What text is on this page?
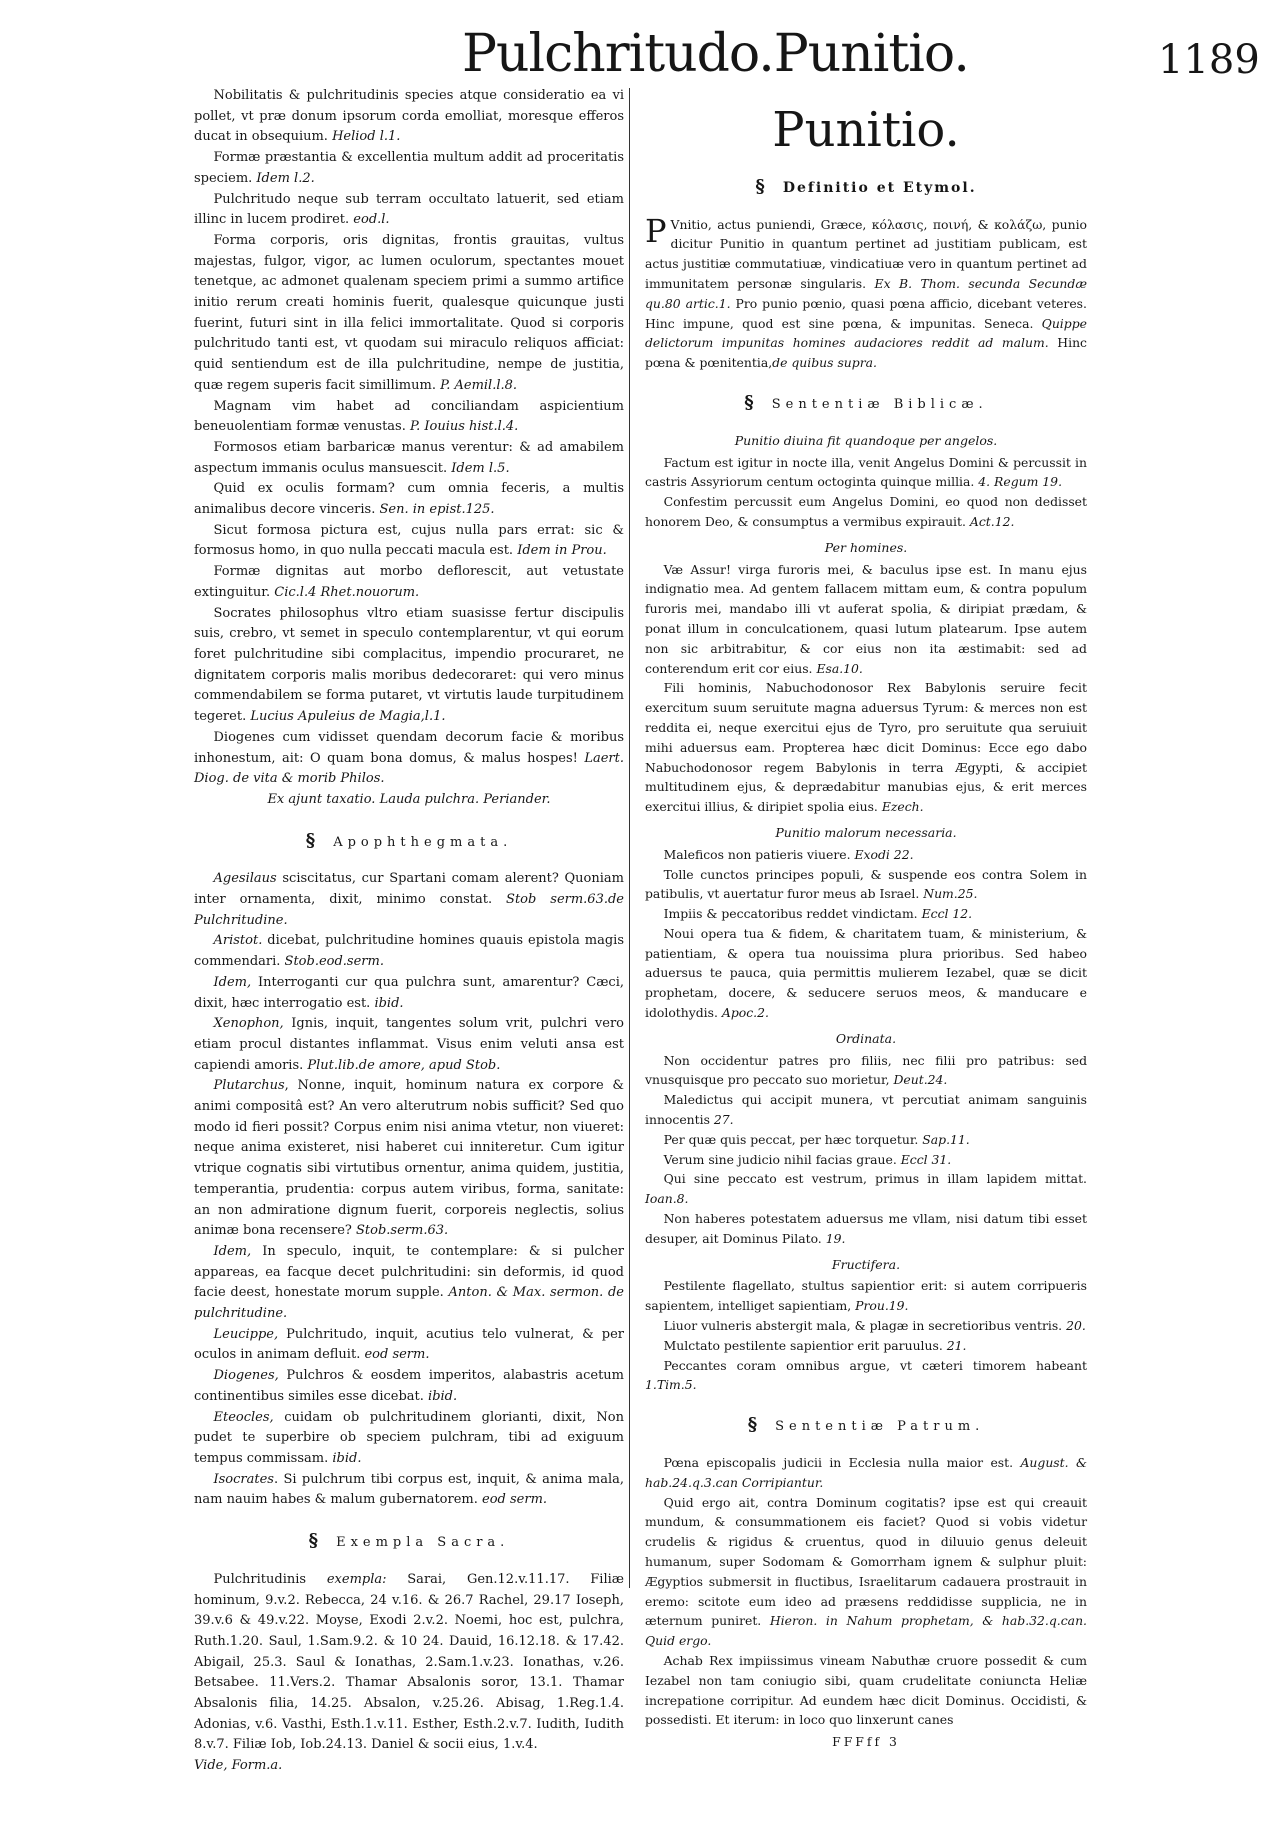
Pulchritudo.Punitio.	1189

Nobilitatis & pulchritudinis species atque consideratio ea vi pollet, vt præ donum ipsorum corda emolliat, moresque efferos ducat in obsequium. Heliod l.1.

Formæ præstantia & excellentia multum addit ad proceritatis speciem. Idem l.2.

Pulchritudo neque sub terram occultato latuerit, sed etiam illinc in lucem prodiret. eod.l.

Forma corporis, oris dignitas, frontis grauitas, vultus majestas, fulgor, vigor, ac lumen oculorum, spectantes mouet tenetque, ac admonet qualenam speciem primi a summo artifice initio rerum creati hominis fuerit, qualesque quicunque justi fuerint, futuri sint in illa felici immortalitate. Quod si corporis pulchritudo tanti est, vt quodam sui miraculo reliquos afficiat: quid sentiendum est de illa pulchritudine, nempe de justitia, quæ regem superis facit simillimum. P. Aemil.l.8.

Magnam vim habet ad conciliandam aspicientium beneuolentiam formæ venustas. P. Iouius hist.l.4.

Formosos etiam barbaricæ manus verentur: & ad amabilem aspectum immanis oculus mansuescit. Idem l.5.

Quid ex oculis formam? cum omnia feceris, a multis animalibus decore vinceris. Sen. in epist.125.

Sicut formosa pictura est, cujus nulla pars errat: sic & formosus homo, in quo nulla peccati macula est. Idem in Prou.

Formæ dignitas aut morbo deflorescit, aut vetustate extinguitur. Cic.l.4 Rhet.nouorum.

Socrates philosophus vltro etiam suasisse fertur discipulis suis, crebro, vt semet in speculo contemplarentur, vt qui eorum foret pulchritudine sibi complacitus, impendio procuraret, ne dignitatem corporis malis moribus dedecoraret: qui vero minus commendabilem se forma putaret, vt virtutis laude turpitudinem tegeret. Lucius Apuleius de Magia,l.1.

Diogenes cum vidisset quendam decorum facie & moribus inhonestum, ait: O quam bona domus, & malus hospes! Laert. Diog. de vita & morib Philos.

Ex ajunt taxatio. Lauda pulchra. Periander.

§ Apophthegmata.

Agesilaus sciscitatus, cur Spartani comam alerent? Quoniam inter ornamenta, dixit, minimo constat. Stob serm.63.de Pulchritudine.

Aristot. dicebat, pulchritudine homines quauis epistola magis commendari. Stob.eod.serm.

Idem, Interroganti cur qua pulchra sunt, amarentur? Cæci, dixit, hæc interrogatio est. ibid.

Xenophon, Ignis, inquit, tangentes solum vrit, pulchri vero etiam procul distantes inflammat. Visus enim veluti ansa est capiendi amoris. Plut.lib.de amore, apud Stob.

Plutarchus, Nonne, inquit, hominum natura ex corpore & animi compositâ est? An vero alterutrum nobis sufficit? Sed quo modo id fieri possit? Corpus enim nisi anima vtetur, non viueret: neque anima existeret, nisi haberet cui inniteretur. Cum igitur vtrique cognatis sibi virtutibus ornentur, anima quidem, justitia, temperantia, prudentia: corpus autem viribus, forma, sanitate: an non admiratione dignum fuerit, corporeis neglectis, solius animæ bona recensere? Stob.serm.63.

Idem, In speculo, inquit, te contemplare: & si pulcher appareas, ea facque decet pulchritudini: sin deformis, id quod facie deest, honestate morum supple. Anton. & Max. sermon. de pulchritudine.

Leucippe, Pulchritudo, inquit, acutius telo vulnerat, & per oculos in animam defluit. eod serm.

Diogenes, Pulchros & eosdem imperitos, alabastris acetum continentibus similes esse dicebat. ibid.

Eteocles, cuidam ob pulchritudinem glorianti, dixit, Non pudet te superbire ob speciem pulchram, tibi ad exiguum tempus commissam. ibid.

Isocrates. Si pulchrum tibi corpus est, inquit, & anima mala, nam nauim habes & malum gubernatorem. eod serm.

§ Exempla Sacra.

Pulchritudinis exempla: Sarai, Gen.12.v.11.17. Filiæ hominum, 9.v.2. Rebecca, 24 v.16. & 26.7 Rachel, 29.17 Ioseph, 39.v.6 & 49.v.22. Moyse, Exodi 2.v.2. Noemi, hoc est, pulchra, Ruth.1.20. Saul, 1.Sam.9.2. & 10 24. Dauid, 16.12.18. & 17.42. Abigail, 25.3. Saul & Ionathas, 2.Sam.1.v.23. Ionathas, v.26. Betsabee. 11.Vers.2. Thamar Absalonis soror, 13.1. Thamar Absalonis filia, 14.25. Absalon, v.25.26. Abisag, 1.Reg.1.4. Adonias, v.6. Vasthi, Esth.1.v.11. Esther, Esth.2.v.7. Iudith, Iudith 8.v.7. Filiæ Iob, Iob.24.13. Daniel & socii eius, 1.v.4.

Vide, Form.a.

Punitio.
§ Definitio et Etymol.

P Vnitio, actus puniendi, Græce, κόλασις, ποινή, & κολάζω, punio dicitur Punitio in quantum pertinet ad justitiam publicam, est actus justitiæ commutatiuæ, vindicatiuæ vero in quantum pertinet ad immunitatem personæ singularis. Ex B. Thom. secunda Secundæ qu.80 artic.1. Pro punio pœnio, quasi pœna afficio, dicebant veteres. Hinc impune, quod est sine pœna, & impunitas. Seneca. Quippe delictorum impunitas homines audaciores reddit ad malum. Hinc pœna & pœnitentia,de quibus supra.

§ Sententiæ Biblicæ.
Punitio diuina fit quandoque per angelos.

Factum est igitur in nocte illa, venit Angelus Domini & percussit in castris Assyriorum centum octoginta quinque millia. 4. Regum 19.

Confestim percussit eum Angelus Domini, eo quod non dedisset honorem Deo, & consumptus a vermibus expirauit. Act.12.

Per homines.

Væ Assur! virga furoris mei, & baculus ipse est. In manu ejus indignatio mea. Ad gentem fallacem mittam eum, & contra populum furoris mei, mandabo illi vt auferat spolia, & diripiat prædam, & ponat illum in conculcationem, quasi lutum platearum. Ipse autem non sic arbitrabitur, & cor eius non ita æstimabit: sed ad conterendum erit cor eius. Esa.10.

Fili hominis, Nabuchodonosor Rex Babylonis seruire fecit exercitum suum seruitute magna aduersus Tyrum: & merces non est reddita ei, neque exercitui ejus de Tyro, pro seruitute qua seruiuit mihi aduersus eam. Propterea hæc dicit Dominus: Ecce ego dabo Nabuchodonosor regem Babylonis in terra Ægypti, & accipiet multitudinem ejus, & deprædabitur manubias ejus, & erit merces exercitui illius, & diripiet spolia eius. Ezech.

Punitio malorum necessaria.

Maleficos non patieris viuere. Exodi 22.

Tolle cunctos principes populi, & suspende eos contra Solem in patibulis, vt auertatur furor meus ab Israel. Num.25.

Impiis & peccatoribus reddet vindictam. Eccl 12.

Noui opera tua & fidem, & charitatem tuam, & ministerium, & patientiam, & opera tua nouissima plura prioribus. Sed habeo aduersus te pauca, quia permittis mulierem Iezabel, quæ se dicit prophetam, docere, & seducere seruos meos, & manducare e idolothydis. Apoc.2.

Ordinata.

Non occidentur patres pro filiis, nec filii pro patribus: sed vnusquisque pro peccato suo morietur, Deut.24.

Maledictus qui accipit munera, vt percutiat animam sanguinis innocentis 27.

Per quæ quis peccat, per hæc torquetur. Sap.11.

Verum sine judicio nihil facias graue. Eccl 31.

Qui sine peccato est vestrum, primus in illam lapidem mittat. Ioan.8.

Non haberes potestatem aduersus me vllam, nisi datum tibi esset desuper, ait Dominus Pilato. 19.

Fructifera.

Pestilente flagellato, stultus sapientior erit: si autem corripueris sapientem, intelliget sapientiam, Prou.19.

Liuor vulneris abstergit mala, & plagæ in secretioribus ventris. 20.

Mulctato pestilente sapientior erit paruulus. 21.

Peccantes coram omnibus argue, vt cæteri timorem habeant 1.Tim.5.

§ Sententiæ Patrum.

Pœna episcopalis judicii in Ecclesia nulla maior est. August. & hab.24.q.3.can Corripiantur.

Quid ergo ait, contra Dominum cogitatis? ipse est qui creauit mundum, & consummationem eis faciet? Quod si vobis videtur crudelis & rigidus & cruentus, quod in diluuio genus deleuit humanum, super Sodomam & Gomorrham ignem & sulphur pluit: Ægyptios submersit in fluctibus, Israelitarum cadauera prostrauit in eremo: scitote eum ideo ad præsens reddidisse supplicia, ne in æternum puniret. Hieron. in Nahum prophetam, & hab.32.q.can. Quid ergo.

Achab Rex impiissimus vineam Nabuthæ cruore possedit & cum Iezabel non tam coniugio sibi, quam crudelitate coniuncta Heliæ increpatione corripitur. Ad eundem hæc dicit Dominus. Occidisti, & possedisti. Et iterum: in loco quo linxerunt canes

FFFff 3
